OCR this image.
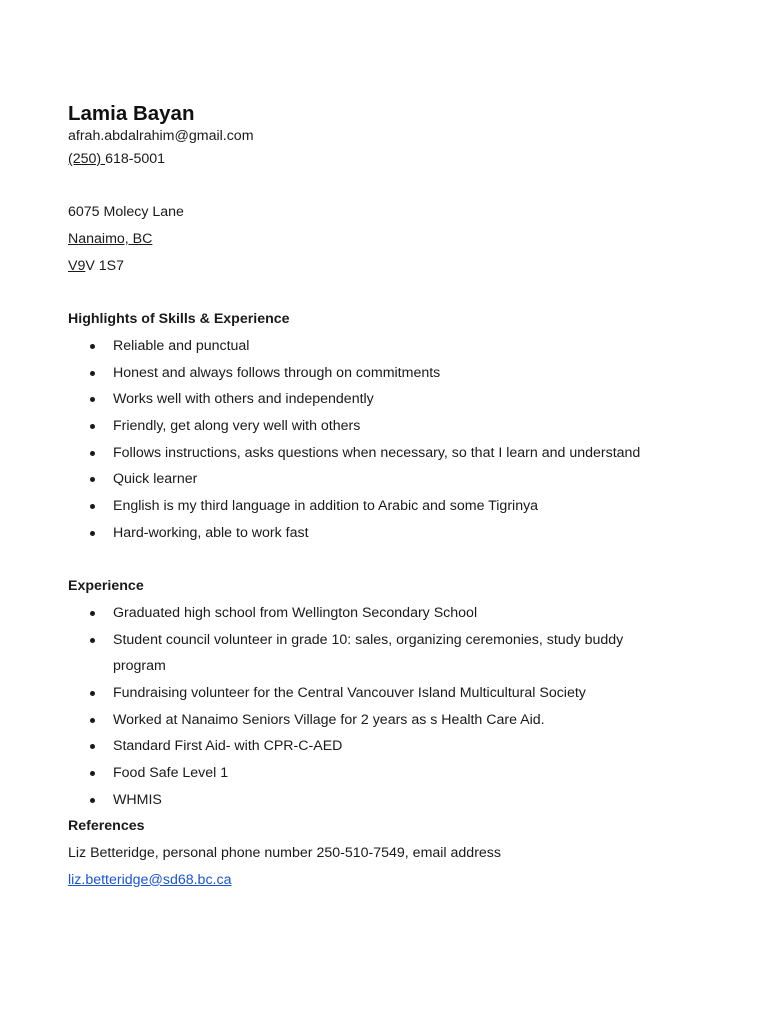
Lamia Bayan
afrah.abdalrahim@gmail.com
(250) 618-5001
6075 Molecy Lane
Nanaimo, BC
V9V 1S7
Highlights of Skills & Experience
Reliable and punctual
Honest and always follows through on commitments
Works well with others and independently
Friendly, get along very well with others
Follows instructions, asks questions when necessary, so that I learn and understand
Quick learner
English is my third language in addition to Arabic and some Tigrinya
Hard-working, able to work fast
Experience
Graduated high school from Wellington Secondary School
Student council volunteer in grade 10: sales, organizing ceremonies, study buddy program
Fundraising volunteer for the Central Vancouver Island Multicultural Society
Worked at Nanaimo Seniors Village for 2 years as s Health Care Aid.
Standard First Aid- with CPR-C-AED
Food Safe Level 1
WHMIS
References
Liz Betteridge, personal phone number 250-510-7549, email address
liz.betteridge@sd68.bc.ca
